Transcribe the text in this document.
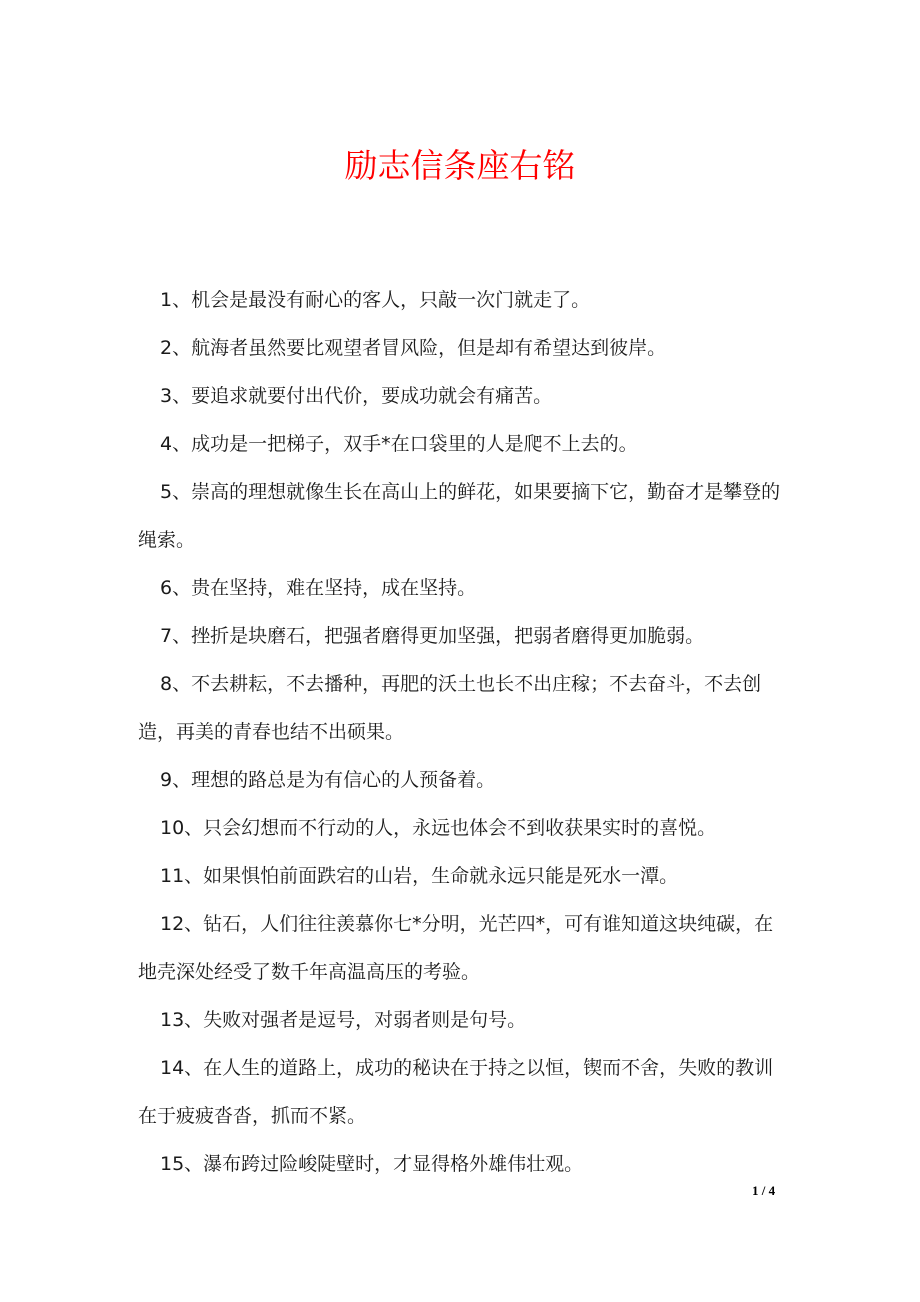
励志信条座右铭

1、机会是最没有耐心的客人，只敲一次门就走了。

2、航海者虽然要比观望者冒风险，但是却有希望达到彼岸。

3、要追求就要付出代价，要成功就会有痛苦。

4、成功是一把梯子，双手*在口袋里的人是爬不上去的。

5、崇高的理想就像生长在高山上的鲜花，如果要摘下它，勤奋才是攀登的绳索。

6、贵在坚持，难在坚持，成在坚持。

7、挫折是块磨石，把强者磨得更加坚强，把弱者磨得更加脆弱。

8、不去耕耘，不去播种，再肥的沃土也长不出庄稼；不去奋斗，不去创造，再美的青春也结不出硕果。

9、理想的路总是为有信心的人预备着。

10、只会幻想而不行动的人，永远也体会不到收获果实时的喜悦。

11、如果惧怕前面跌宕的山岩，生命就永远只能是死水一潭。

12、钻石，人们往往羡慕你七*分明，光芒四*，可有谁知道这块纯碳，在地壳深处经受了数千年高温高压的考验。

13、失败对强者是逗号，对弱者则是句号。

14、在人生的道路上，成功的秘诀在于持之以恒，锲而不舍，失败的教训在于疲疲沓沓，抓而不紧。

15、瀑布跨过险峻陡壁时，才显得格外雄伟壮观。

1 / 4
